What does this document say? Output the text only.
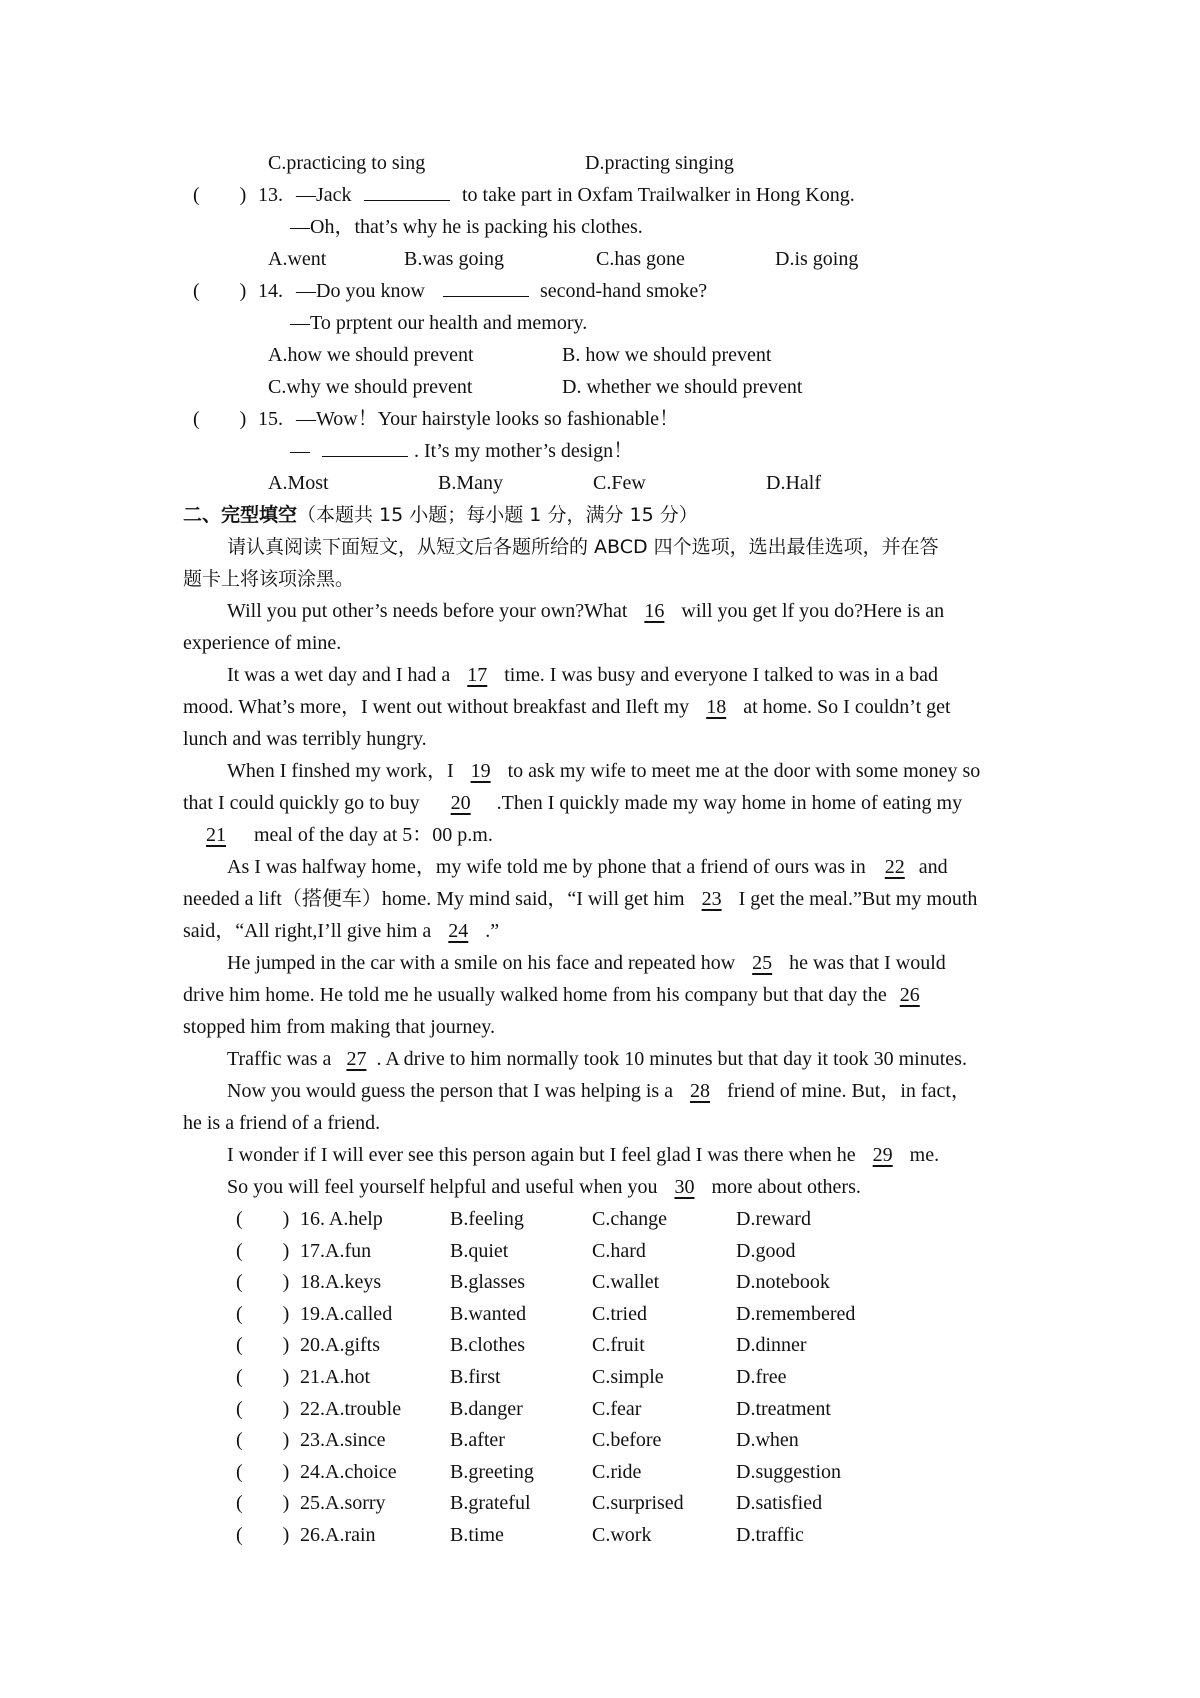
C.practicing to sing	D.practing singing
(　　) 13. —Jack	to take part in Oxfam Trailwalker in Hong Kong.
—Oh，that’s why he is packing his clothes.
A.went	B.was going	C.has gone	D.is going
(　　) 14. —Do you know	second-hand smoke?
—To prptent our health and memory.
A.how we should prevent	B. how we should prevent
C.why we should prevent	D. whether we should prevent
(　　) 15. —Wow！Your hairstyle looks so fashionable！
—	. It’s my mother’s design！
A.Most	B.Many	C.Few	D.Half
二、完型填空（本题共 15 小题；每小题 1 分，满分 15 分）
请认真阅读下面短文，从短文后各题所给的 ABCD 四个选项，选出最佳选项，并在答
题卡上将该项涂黑。
Will you put other’s needs before your own?What 16 will you get lf you do?Here is an
experience of mine.
It was a wet day and I had a 17 time. I was busy and everyone I talked to was in a bad
mood. What’s more，I went out without breakfast and Ileft my 18 at home. So I couldn’t get
lunch and was terribly hungry.
When I finshed my work，I 19 to ask my wife to meet me at the door with some money so
that I could quickly go to buy 20 .Then I quickly made my way home in home of eating my
21 meal of the day at 5：00 p.m.
As I was halfway home，my wife told me by phone that a friend of ours was in 22 and
needed a lift（搭便车）home. My mind said，“I will get him 23 I get the meal.”But my mouth
said，“All right,I’ll give him a 24 .”
He jumped in the car with a smile on his face and repeated how 25 he was that I would
drive him home. He told me he usually walked home from his company but that day the 26
stopped him from making that journey.
Traffic was a 27 . A drive to him normally took 10 minutes but that day it took 30 minutes.
Now you would guess the person that I was helping is a 28 friend of mine. But，in fact，
he is a friend of a friend.
I wonder if I will ever see this person again but I feel glad I was there when he 29 me.
So you will feel yourself helpful and useful when you 30 more about others.
(　　) 16. A.help	B.feeling	C.change	D.reward
(　　) 17.A.fun	B.quiet	C.hard	D.good
(　　) 18.A.keys	B.glasses	C.wallet	D.notebook
(　　) 19.A.called	B.wanted	C.tried	D.remembered
(　　) 20.A.gifts	B.clothes	C.fruit	D.dinner
(　　) 21.A.hot	B.first	C.simple	D.free
(　　) 22.A.trouble B.danger	C.fear	D.treatment
(　　) 23.A.since	B.after	C.before	D.when
(　　) 24.A.choice	B.greeting	C.ride	D.suggestion
(　　) 25.A.sorry	B.grateful	C.surprised	D.satisfied
(　　) 26.A.rain	B.time	C.work	D.traffic
